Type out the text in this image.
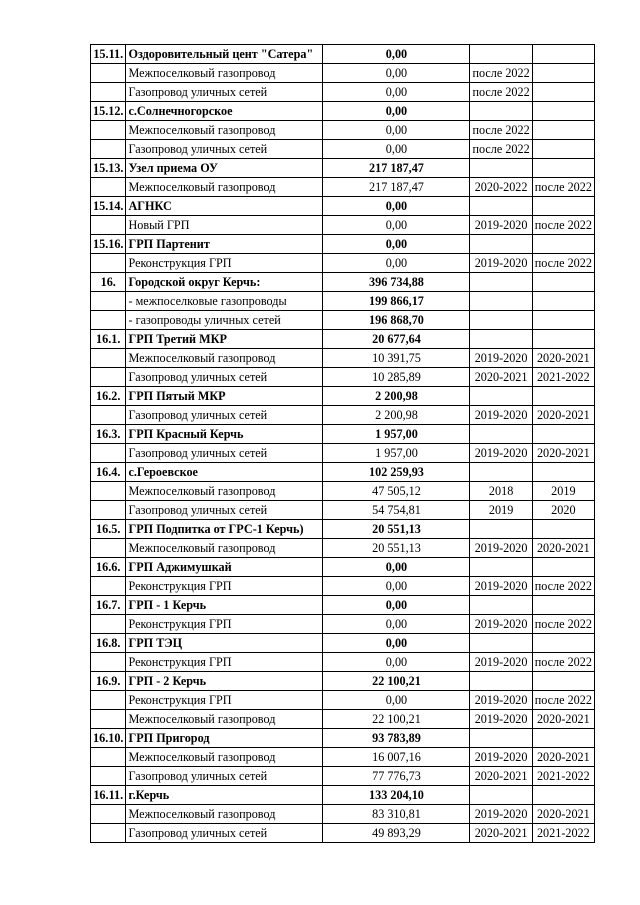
15.11.	Оздоровительный цент "Сатера"	0,00		
	Межпоселковый газопровод	0,00	после 2022	
	Газопровод уличных сетей	0,00	после 2022	
15.12.	с.Солнечногорское	0,00		
	Межпоселковый газопровод	0,00	после 2022	
	Газопровод уличных сетей	0,00	после 2022	
15.13.	Узел приема ОУ	217 187,47		
	Межпоселковый газопровод	217 187,47	2020-2022	после 2022
15.14.	АГНКС	0,00		
	Новый ГРП	0,00	2019-2020	после 2022
15.16.	ГРП Партенит	0,00		
	Реконструкция ГРП	0,00	2019-2020	после 2022
16.	Городской округ Керчь:	396 734,88		
	- межпоселковые газопроводы	199 866,17		
	- газопроводы уличных сетей	196 868,70		
16.1.	ГРП Третий МКР	20 677,64		
	Межпоселковый газопровод	10 391,75	2019-2020	2020-2021
	Газопровод уличных сетей	10 285,89	2020-2021	2021-2022
16.2.	ГРП Пятый МКР	2 200,98		
	Газопровод уличных сетей	2 200,98	2019-2020	2020-2021
16.3.	ГРП Красный Керчь	1 957,00		
	Газопровод уличных сетей	1 957,00	2019-2020	2020-2021
16.4.	с.Героевское	102 259,93		
	Межпоселковый газопровод	47 505,12	2018	2019
	Газопровод уличных сетей	54 754,81	2019	2020
16.5.	ГРП Подпитка от ГРС-1 Керчь)	20 551,13		
	Межпоселковый газопровод	20 551,13	2019-2020	2020-2021
16.6.	ГРП Аджимушкай	0,00		
	Реконструкция ГРП	0,00	2019-2020	после 2022
16.7.	ГРП - 1 Керчь	0,00		
	Реконструкция ГРП	0,00	2019-2020	после 2022
16.8.	ГРП ТЭЦ	0,00		
	Реконструкция ГРП	0,00	2019-2020	после 2022
16.9.	ГРП - 2 Керчь	22 100,21		
	Реконструкция ГРП	0,00	2019-2020	после 2022
	Межпоселковый газопровод	22 100,21	2019-2020	2020-2021
16.10.	ГРП Пригород	93 783,89		
	Межпоселковый газопровод	16 007,16	2019-2020	2020-2021
	Газопровод уличных сетей	77 776,73	2020-2021	2021-2022
16.11.	г.Керчь	133 204,10		
	Межпоселковый газопровод	83 310,81	2019-2020	2020-2021
	Газопровод уличных сетей	49 893,29	2020-2021	2021-2022
